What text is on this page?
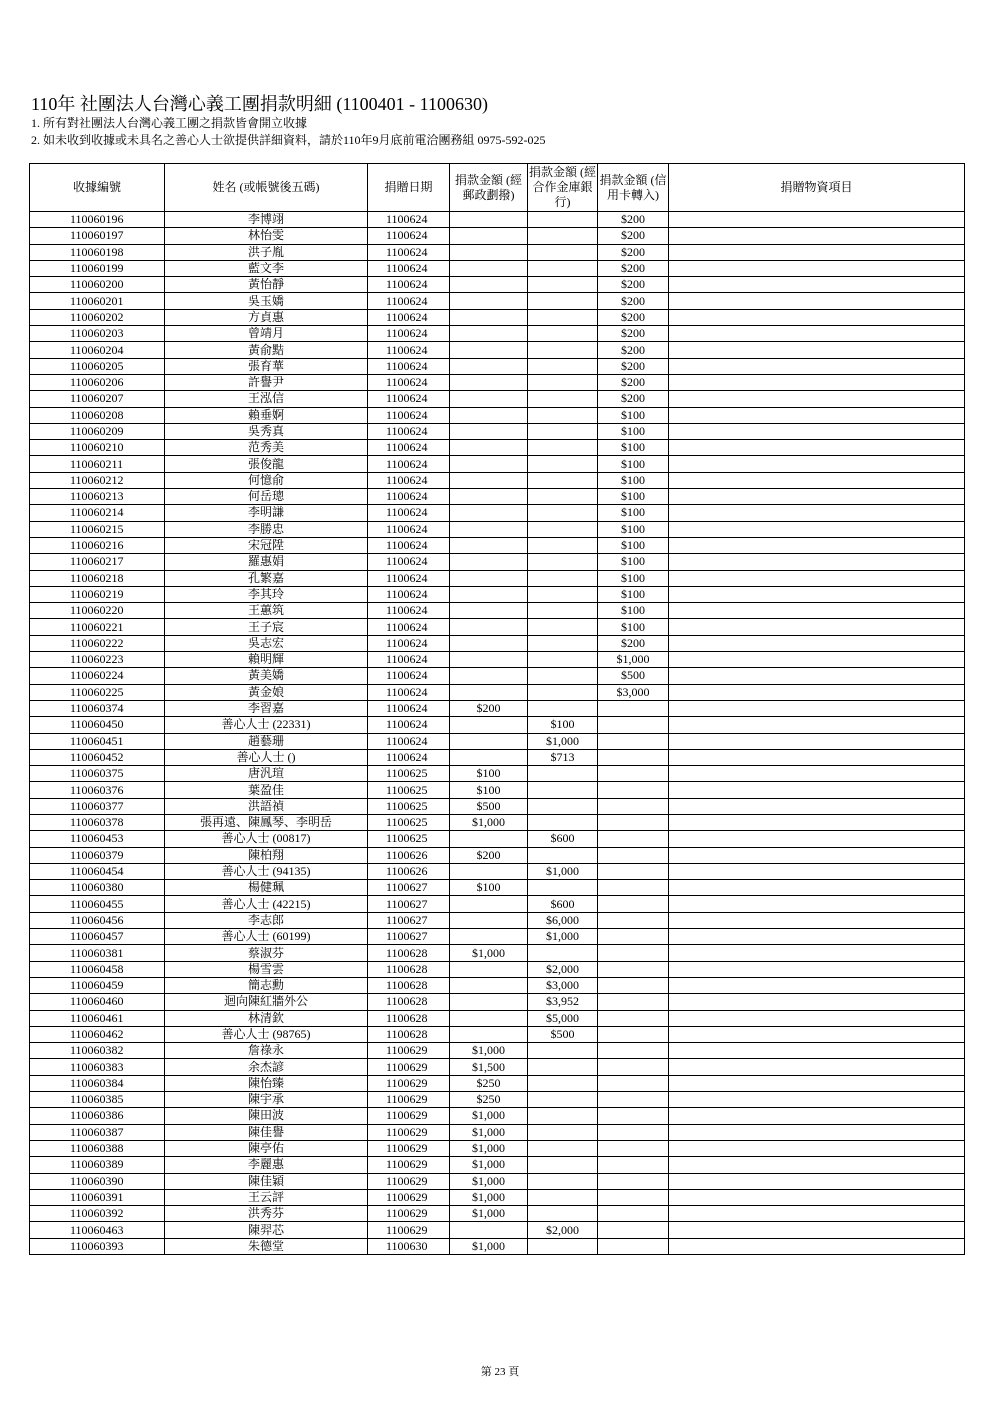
110年 社團法人台灣心義工團捐款明細 (1100401 - 1100630)
1. 所有對社團法人台灣心義工團之捐款皆會開立收據
2. 如未收到收據或未具名之善心人士欲提供詳細資料，請於110年9月底前電洽團務組 0975-592-025
收據編號	姓名 (或帳號後五碼)	捐贈日期	捐款金額 (經郵政劃撥)	捐款金額 (經合作金庫銀行)	捐款金額 (信用卡轉入)	捐贈物資項目
110060196	李博翊	1100624			$200	
110060197	林怡雯	1100624			$200	
110060198	洪子胤	1100624			$200	
110060199	藍文李	1100624			$200	
110060200	黃怡靜	1100624			$200	
110060201	吳玉嬌	1100624			$200	
110060202	方貞惠	1100624			$200	
110060203	曾靖月	1100624			$200	
110060204	黃俞黠	1100624			$200	
110060205	張育華	1100624			$200	
110060206	許譽尹	1100624			$200	
110060207	王泓信	1100624			$200	
110060208	賴垂婀	1100624			$100	
110060209	吳秀真	1100624			$100	
110060210	范秀美	1100624			$100	
110060211	張俊龍	1100624			$100	
110060212	何憶俞	1100624			$100	
110060213	何岳璁	1100624			$100	
110060214	李明謙	1100624			$100	
110060215	李勝忠	1100624			$100	
110060216	宋冠陞	1100624			$100	
110060217	羅惠娟	1100624			$100	
110060218	孔繁嘉	1100624			$100	
110060219	李其玲	1100624			$100	
110060220	王蕙筑	1100624			$100	
110060221	王子宸	1100624			$100	
110060222	吳志宏	1100624			$200	
110060223	賴明輝	1100624			$1,000	
110060224	黃美嬌	1100624			$500	
110060225	黃金娘	1100624			$3,000	
110060374	李習嘉	1100624	$200			
110060450	善心人士 (22331)	1100624		$100		
110060451	趙藝珊	1100624		$1,000		
110060452	善心人士 ()	1100624		$713		
110060375	唐汎瑄	1100625	$100			
110060376	葉盈佳	1100625	$100			
110060377	洪語禎	1100625	$500			
110060378	張再遠、陳鳳琴、李明岳	1100625	$1,000			
110060453	善心人士 (00817)	1100625		$600		
110060379	陳柏翔	1100626	$200			
110060454	善心人士 (94135)	1100626		$1,000		
110060380	楊健珮	1100627	$100			
110060455	善心人士 (42215)	1100627		$600		
110060456	李志郎	1100627		$6,000		
110060457	善心人士 (60199)	1100627		$1,000		
110060381	蔡淑芬	1100628	$1,000			
110060458	楊雪雲	1100628		$2,000		
110060459	簡志勳	1100628		$3,000		
110060460	迴向陳紅牆外公	1100628		$3,952		
110060461	林清欽	1100628		$5,000		
110060462	善心人士 (98765)	1100628		$500		
110060382	詹祿永	1100629	$1,000			
110060383	余杰諺	1100629	$1,500			
110060384	陳怡臻	1100629	$250			
110060385	陳宇承	1100629	$250			
110060386	陳田波	1100629	$1,000			
110060387	陳佳譽	1100629	$1,000			
110060388	陳亭佑	1100629	$1,000			
110060389	李麗惠	1100629	$1,000			
110060390	陳佳穎	1100629	$1,000			
110060391	王云評	1100629	$1,000			
110060392	洪秀芬	1100629	$1,000			
110060463	陳羿芯	1100629		$2,000		
110060393	朱德堂	1100630	$1,000			
第 23 頁
